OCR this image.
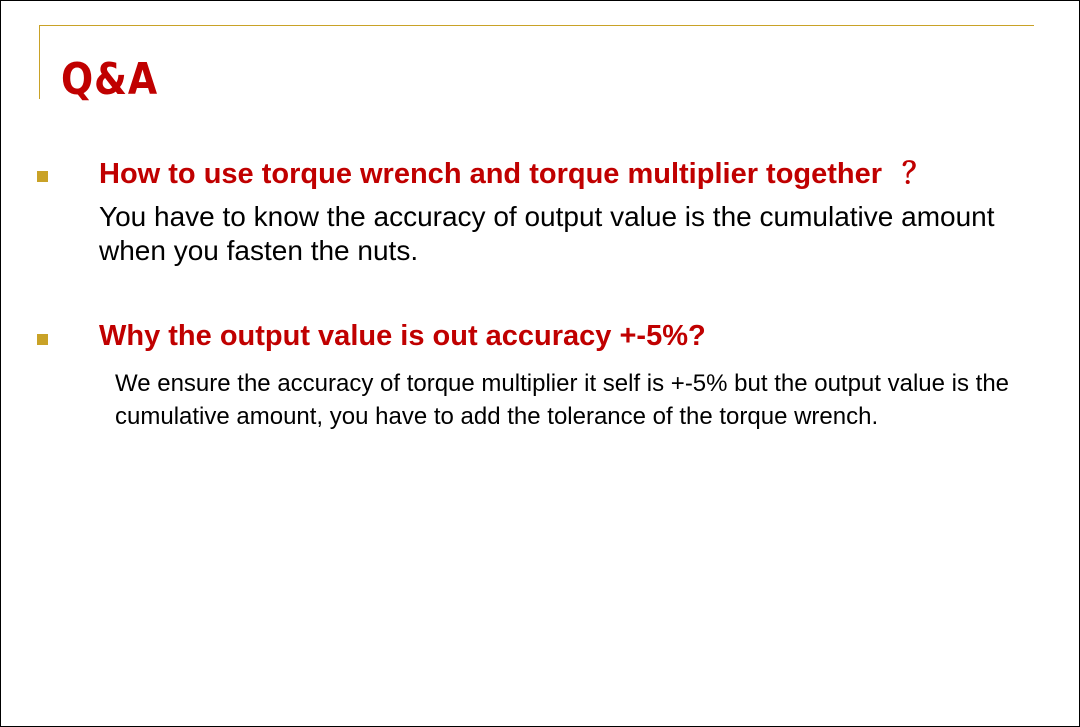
Q&A

How to use torque wrench and torque multiplier together ？

You have to know the accuracy of output value is the cumulative amount when you fasten the nuts.

Why the output value is out accuracy +-5%?

We ensure the accuracy of torque multiplier it self is +-5% but the output value is the cumulative amount, you have to add the tolerance of the torque wrench.
